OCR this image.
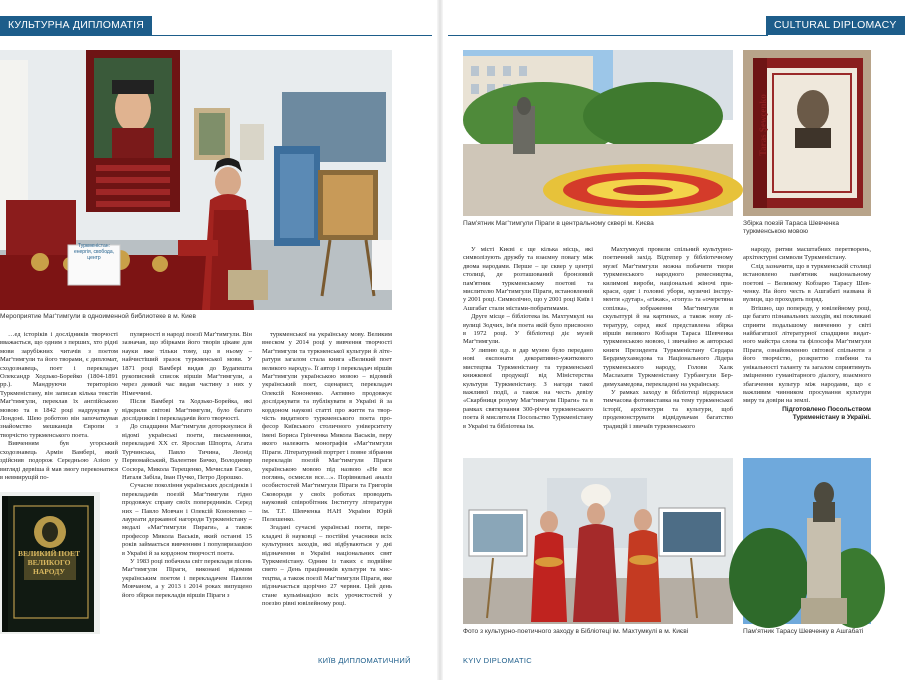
КУЛЬТУРНА ДИПЛОМАТІЯ
Туркменістан: енергія, свобода, центр
Мероприятие Маг'тимгули в одноименной библиотеке в м. Киев

…ед історіків і дослідників творчості вважається, що одним з перших, хто рідні мови зарубіжних читачів з поетом Маг'тимгули та його творами, є дипломат, сходознавець, поет і перекладач Олександр Ходзько-Борейко (1804-1891 рр.). Мандруючи територією Туркменістану, він записав кілька текстів Маг'тимгули, переклав їх англійською мовою та в 1842 році надрукував у Лондоні. Шею роботою він започаткував знайомство мешканців Європи з творчістю туркменського поета.

Вивченням був угорський сходознавець Армін Вамбері, який здійснив подорож Середньою Азією у вигляді дервіша й мав змогу переконатися в невмирущій по-

ВЕЛИКИЙ ПОЕТ ВЕЛИКОГО НАРОДУ

пулярності в народі поезії Маг'тимгули. Він зазначав, що збірками його творів цікаве для науки вже тільки тому, що в ньому – найчистіший зразок туркменської мови. У 1871 році Вамбері видав до Будапешта рукописний список віршів Маг'тимгули, а через деякий час видав частину з них у Німеччині.

Після Вамбері та Ходзько-Борейка, які відкрили світові Маг'тимгули, було багато дослідників і перекладачів його творчості.

До спадщини Маг'тимгули доторкнулися й відомі українські поети, письменники, перекладачі ХХ ст. Ярослав Шпорта, Агата Турчинська, Павло Тичина, Леонід Первомайський, Валентин Бичко, Володимир Сосюра, Микола Терещенко, Мечислав Гаско, Наталя Забіла, Іван Пучко, Петро Дорошко.

Сучасне покоління українських досліднків і перекладачів поезій Маг'тимгули гідно продовжує справу своїх попередників. Серед них – Павло Мовчан і Олексій Кононенко – лауреати державної нагороди Туркменістану – медалі «Маг'тимгули Пираги», а також професор Микола Васьків, який останні 15 років займається вивченням і популяризацією в Україні й за кордоном творчості поета.

У 1983 році побачила світ переклади пісень Маг'тимгули Піраги, виконані відомим українським поетом і перекладачем Павлом Мовчаном, а у 2013 і 2014 роках випущено його збірки перекладів віршів Піраги з

туркменської на українську мову. Великим внеском у 2014 році у вивчення творчості Маг'тимгули та туркменської культури й літератури загалом стала книга «Великий поет великого народу». Її автор і перекладач віршів Маг'тимгули українською мовою – відомий український поет, сценарист, перекладач Олексій Кононенко. Активно продовжує досліджувати та публікувати в Україні й за кордоном наукові статті про життя та творчість видатного туркменського поета професор Київського столичного університету імені Бориса Грінченка Микола Васьків, перу якого належить монографія «Маг'тимгули Піраги. Літературний портрет і повне зібрання перекладів поезій Маг'тимгули Піраги українською мовою під назвою «Не все поглянь, осмисли все…». Порівняльні аналіз особистостей Маг'тимгули Піраги та Григорія Сковороди у своїх роботах проводить науковий співробітник Інституту літератури ім. Т.Г. Шевченка НАН України Юрій Пелешенко.

Згадані сучасні українські поети, перекладачі й науковці – постійні учасники всіх культурних заходів, які відбуваються у дні відзначення в Україні національних свят Туркменістану. Одним із таких є подвійне свято – День працівників культури та мистецтва, а також поезії Маг'тимгули Піраги, яке відзначається щорічно 27 червня. Цей день стане кульмінацією всіх урочистостей у поезію рівні ювілейному році.

КИЇВ ДИПЛОМАТИЧНИЙ
CULTURAL DIPLOMACY
Пам'ятник Маг'тимгули Піраги в центральному сквері м. Києва
Taras Şewçenko
Збірка поезій Тараса Шевченка туркменською мовою

У місті Києві є ще кілька місць, які символізують дружбу та взаємну повагу між двома народами. Перше – це сквер у центрі столиці, де розташований бронзовий пам'ятник туркменському поетові та мислителю Маг'тимгули Піраги, встановлений у 2001 році. Символічно, що у 2001 році Київ і Ашгабат стали містами-побратимами.

Друге місце – бібліотека ім. Махтумкулі на вулиці Зодчих, ім'я поета якій було присвоєно в 1972 році. У бібліотеці діє музей Маг'тимгули.

У липню ц.р. в дар музею було передано нові експонати декоративно-ужиткового мистецтва Туркменістану та туркменської книжкової продукції від Міністерства культури Туркменістану. З нагоди такої важливої події, а також на честь девізу «Скарбниця розуму Маг'тимгули Піраги» та в рамках святкування 300-річчя туркменського поета й мислителя Посольство Туркменістану в Україні та бібліотека ім.

Махтумкулі провели спільний культурно-поетичний захід. Відтепер у бібліотечному музеї Маг'тимгули можна побачити твори туркменського народного ремесництва, килимові вироби, національні жіночі прикраси, одяг і головні убори, музичні інструменти «дутар», «гіжак», «гопуз» та «очеретяна сопілка», зображення Маг'тимгули в скульптурі й на картинах, а також нову літературу, серед якої представлена збірка віршів великого Кобзаря Тараса Шевченка туркменською мовою, і звичайно ж авторські книги Президента Туркменістану Сердара Бердимухамедова та Національного Лідера туркменського народу, Голови Халк Маслахати Туркменістану Гурбангули Бердимухамедова, перекладені на українську.

У рамках заходу в бібліотеці відкрилася тимчасова фотовиставка на тему туркменської історії, архітектури та культури, щоб продемонструвати відвідувачам багатство традицій і звичаїв туркменського

народу, ритми масштабних перетворень, архітектурні символи Туркменістану.

Слід зазначити, що в туркменській столиці встановлено пам'ятник національному поетові – Великому Кобзарю Тарасу Шевченку. На його честь в Ашгабаті названа й вулиця, що проходить поряд.

Втішно, що попереду, у ювілейному році, ще багато пізнавальних заходів, які покликані сприяти подальшому вивченню у світі найбагатшої літературної спадщини видатного майстра слова та філософа Маг'тимгули Піраги, ознайомленню світової спільноти з його творчістю, розкриттю глибини та унікальності таланту та загалом сприятимуть зміцненню гуманітарного діалогу, взаємного збагачення культур між народами, що є важливим чинником просування культури миру та довіри на землі.

Підготовлено Посольством Туркменістану в Україні.

Фото з культурно-поетичного заходу в Бібліотеці ім. Махтумкулі в м. Києві	Пам'ятник Тарасу Шевченку в Ашгабаті
KYIV DIPLOMATIC
